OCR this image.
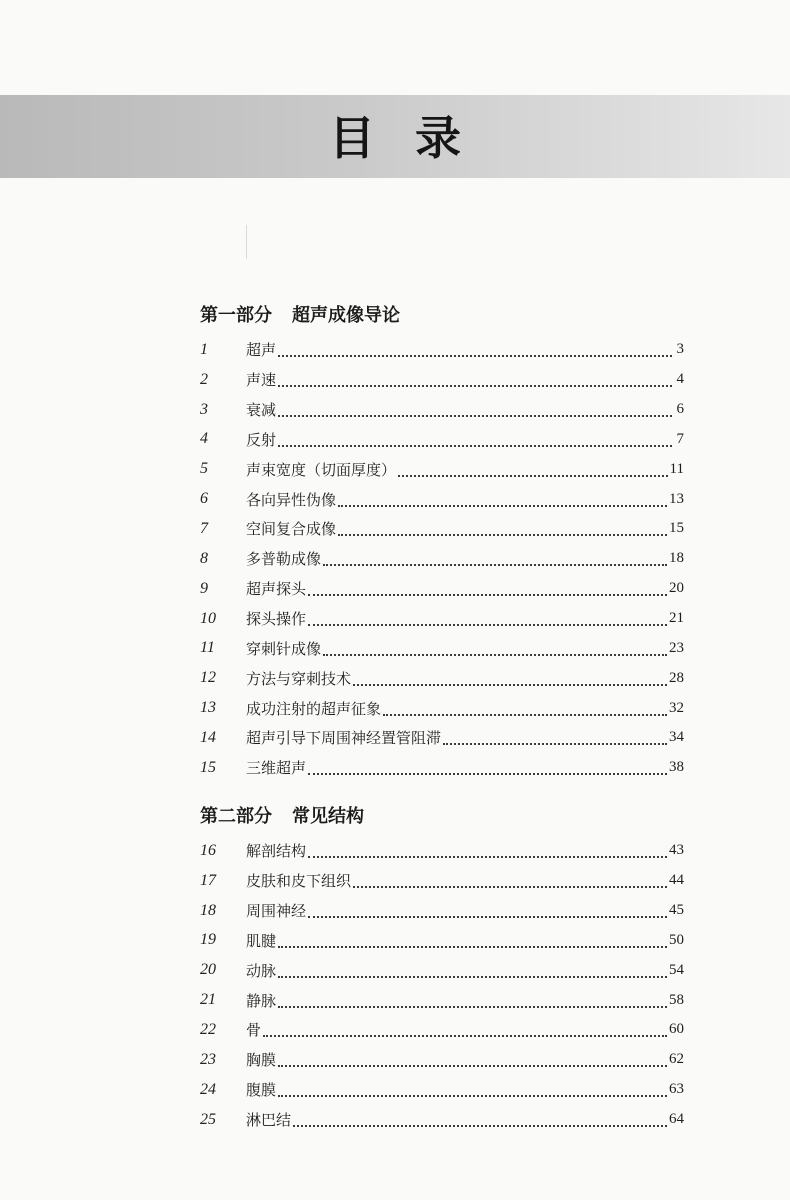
目录
第一部分 超声成像导论
1	超声	3
2	声速	4
3	衰减	6
4	反射	7
5	声束宽度（切面厚度）	11
6	各向异性伪像	13
7	空间复合成像	15
8	多普勒成像	18
9	超声探头	20
10	探头操作	21
11	穿刺针成像	23
12	方法与穿刺技术	28
13	成功注射的超声征象	32
14	超声引导下周围神经置管阻滞	34
15	三维超声	38
第二部分 常见结构
16	解剖结构	43
17	皮肤和皮下组织	44
18	周围神经	45
19	肌腱	50
20	动脉	54
21	静脉	58
22	骨	60
23	胸膜	62
24	腹膜	63
25	淋巴结	64
